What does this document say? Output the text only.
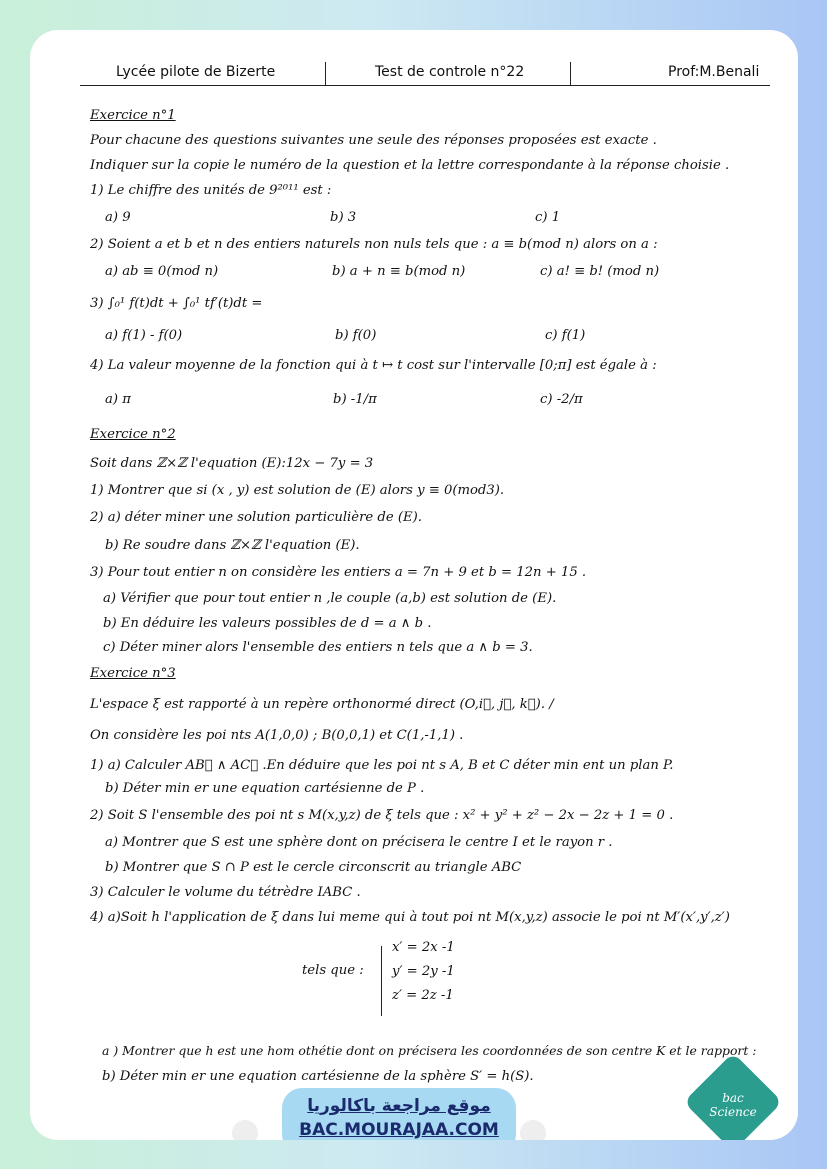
Lycée pilote de Bizerte	Test de controle n°22	Prof:M.Benali
Exercice n°1
Pour chacune des questions suivantes une seule des réponses proposées est exacte .
Indiquer sur la copie le numéro de la question et la lettre correspondante à la réponse choisie .
1) Le chiffre des unités de 9²⁰¹¹ est :
a) 9	b) 3	c) 1
2) Soient a et b et n des entiers naturels non nuls tels que : a ≡ b(mod n) alors on a :
a) ab ≡ 0(mod n)	b) a + n ≡ b(mod n)	c) a! ≡ b! (mod n)
3) ∫₀¹ f(t)dt + ∫₀¹ tf′(t)dt =
a) f(1) - f(0)	b) f(0)	c) f(1)
4) La valeur moyenne de la fonction qui à t ↦ t cost sur l'intervalle [0;π] est égale à :
a) π	b) -1/π	c) -2/π
Exercice n°2
Soit dans ℤ×ℤ l'equation (E):12x − 7y = 3
1) Montrer que si (x , y) est solution de (E) alors y ≡ 0(mod3).
2) a) déter miner une solution particulière de (E).
b) Re soudre dans ℤ×ℤ l'equation (E).
3) Pour tout entier n on considère les entiers a = 7n + 9 et b = 12n + 15 .
a) Vérifier que pour tout entier n ,le couple (a,b) est solution de (E).
b) En déduire les valeurs possibles de d = a ∧ b .
c) Déter miner alors l'ensemble des entiers n tels que a ∧ b = 3.
Exercice n°3
L'espace ξ est rapporté à un repère orthonormé direct (O,i⃗, j⃗, k⃗). /
On considère les poi nts A(1,0,0) ; B(0,0,1) et C(1,-1,1) .
1) a) Calculer AB⃗ ∧ AC⃗ .En déduire que les poi nt s A, B et C déter min ent un plan P.
b) Déter min er une equation cartésienne de P .
2) Soit S l'ensemble des poi nt s M(x,y,z) de ξ tels que : x² + y² + z² − 2x − 2z + 1 = 0 .
a) Montrer que S est une sphère dont on précisera le centre I et le rayon r .
b) Montrer que S ∩ P est le cercle circonscrit au triangle ABC
3) Calculer le volume du tétrèdre IABC .
4) a)Soit h l'application de ξ dans lui meme qui à tout poi nt M(x,y,z) associe le poi nt M′(x′,y′,z′)
tels que :
x′ = 2x -1
y′ = 2y -1
z′ = 2z -1
a ) Montrer que h est une hom othétie dont on précisera les coordonnées de son centre K et le rapport :
b) Déter min er une equation cartésienne de la sphère S′ = h(S).
موقع مراجعة باكالوريا
BAC.MOURAJAA.COM
bac Science
